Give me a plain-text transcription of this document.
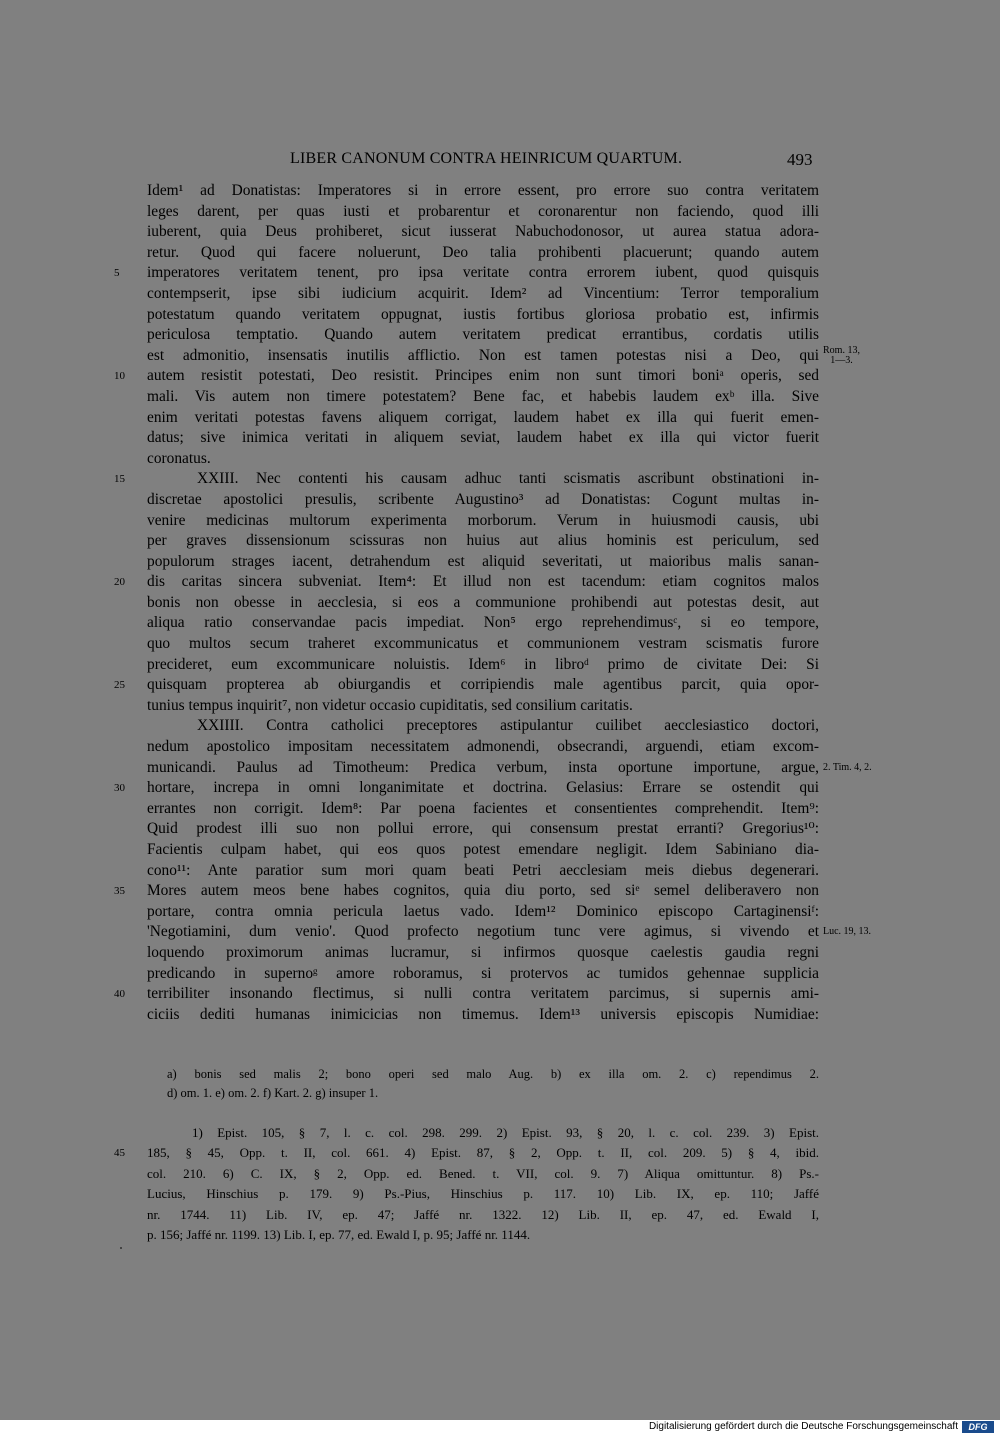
LIBER CANONUM CONTRA HEINRICUM QUARTUM.	493
Idem¹ ad Donatistas: Imperatores si in errore essent, pro errore suo contra veritatem
leges darent, per quas iusti et probarentur et coronarentur non faciendo, quod illi
iuberent, quia Deus prohiberet, sicut iusserat Nabuchodonosor, ut aurea statua adora-
retur. Quod qui facere noluerunt, Deo talia prohibenti placuerunt; quando autem
5	imperatores veritatem tenent, pro ipsa veritate contra errorem iubent, quod quisquis
contempserit, ipse sibi iudicium acquirit. Idem² ad Vincentium: Terror temporalium
potestatum quando veritatem oppugnat, iustis fortibus gloriosa probatio est, infirmis
periculosa temptatio. Quando autem veritatem predicat errantibus, cordatis utilis
est admonitio, insensatis inutilis afflictio. Non est tamen potestas nisi a Deo, qui Rom. 13,
1—3.
10	autem resistit potestati, Deo resistit. Principes enim non sunt timori boniᵃ operis, sed
mali. Vis autem non timere potestatem? Bene fac, et habebis laudem exᵇ illa. Sive
enim veritati potestas favens aliquem corrigat, laudem habet ex illa qui fuerit emen-
datus; sive inimica veritati in aliquem seviat, laudem habet ex illa qui victor fuerit
coronatus.
15	XXIII. Nec contenti his causam adhuc tanti scismatis ascribunt obstinationi in-
discretae apostolici presulis, scribente Augustino³ ad Donatistas: Cogunt multas in-
venire medicinas multorum experimenta morborum. Verum in huiusmodi causis, ubi
per graves dissensionum scissuras non huius aut alius hominis est periculum, sed
populorum strages iacent, detrahendum est aliquid severitati, ut maioribus malis sanan-
20	dis caritas sincera subveniat. Item⁴: Et illud non est tacendum: etiam cognitos malos
bonis non obesse in aecclesia, si eos a communione prohibendi aut potestas desit, aut
aliqua ratio conservandae pacis impediat. Non⁵ ergo reprehendimusᶜ, si eo tempore,
quo multos secum traheret excommunicatus et communionem vestram scismatis furore
precideret, eum excommunicare noluistis. Idem⁶ in libroᵈ primo de civitate Dei: Si
25	quisquam propterea ab obiurgandis et corripiendis male agentibus parcit, quia opor-
tunius tempus inquirit⁷, non videtur occasio cupiditatis, sed consilium caritatis.
XXIIII. Contra catholici preceptores astipulantur cuilibet aecclesiastico doctori,
nedum apostolico impositam necessitatem admonendi, obsecrandi, arguendi, etiam excom-
municandi. Paulus ad Timotheum: Predica verbum, insta oportune importune, argue, 2. Tim. 4, 2.
30	hortare, increpa in omni longanimitate et doctrina. Gelasius: Errare se ostendit qui
errantes non corrigit. Idem⁸: Par poena facientes et consentientes comprehendit. Item⁹:
Quid prodest illi suo non pollui errore, qui consensum prestat erranti? Gregorius¹⁰:
Facientis culpam habet, qui eos quos potest emendare negligit. Idem Sabiniano dia-
cono¹¹: Ante paratior sum mori quam beati Petri aecclesiam meis diebus degenerari.
35	Mores autem meos bene habes cognitos, quia diu porto, sed siᵉ semel deliberavero non
portare, contra omnia pericula laetus vado. Idem¹² Dominico episcopo Cartaginensiᶠ:
'Negotiamini, dum venio'. Quod profecto negotium tunc vere agimus, si vivendo et Luc. 19, 13.
loquendo proximorum animas lucramur, si infirmos quosque caelestis gaudia regni
predicando in supernoᵍ amore roboramus, si protervos ac tumidos gehennae supplicia
40	terribiliter insonando flectimus, si nulli contra veritatem parcimus, si supernis ami-
ciciis dediti humanas inimicicias non timemus. Idem¹³ universis episcopis Numidiae:
a) bonis sed malis 2; bono operi sed malo Aug. b) ex illa om. 2. c) rependimus 2.
d) om. 1. e) om. 2. f) Kart. 2. g) insuper 1.
1) Epist. 105, § 7, l. c. col. 298. 299. 2) Epist. 93, § 20, l. c. col. 239. 3) Epist.
45	185, § 45, Opp. t. II, col. 661. 4) Epist. 87, § 2, Opp. t. II, col. 209. 5) § 4, ibid.
col. 210. 6) C. IX, § 2, Opp. ed. Bened. t. VII, col. 9. 7) Aliqua omittuntur. 8) Ps.-
Lucius, Hinschius p. 179. 9) Ps.-Pius, Hinschius p. 117. 10) Lib. IX, ep. 110; Jaffé
nr. 1744. 11) Lib. IV, ep. 47; Jaffé nr. 1322. 12) Lib. II, ep. 47, ed. Ewald I,
p. 156; Jaffé nr. 1199. 13) Lib. I, ep. 77, ed. Ewald I, p. 95; Jaffé nr. 1144.
Digitalisierung gefördert durch die Deutsche Forschungsgemeinschaft	DFG
